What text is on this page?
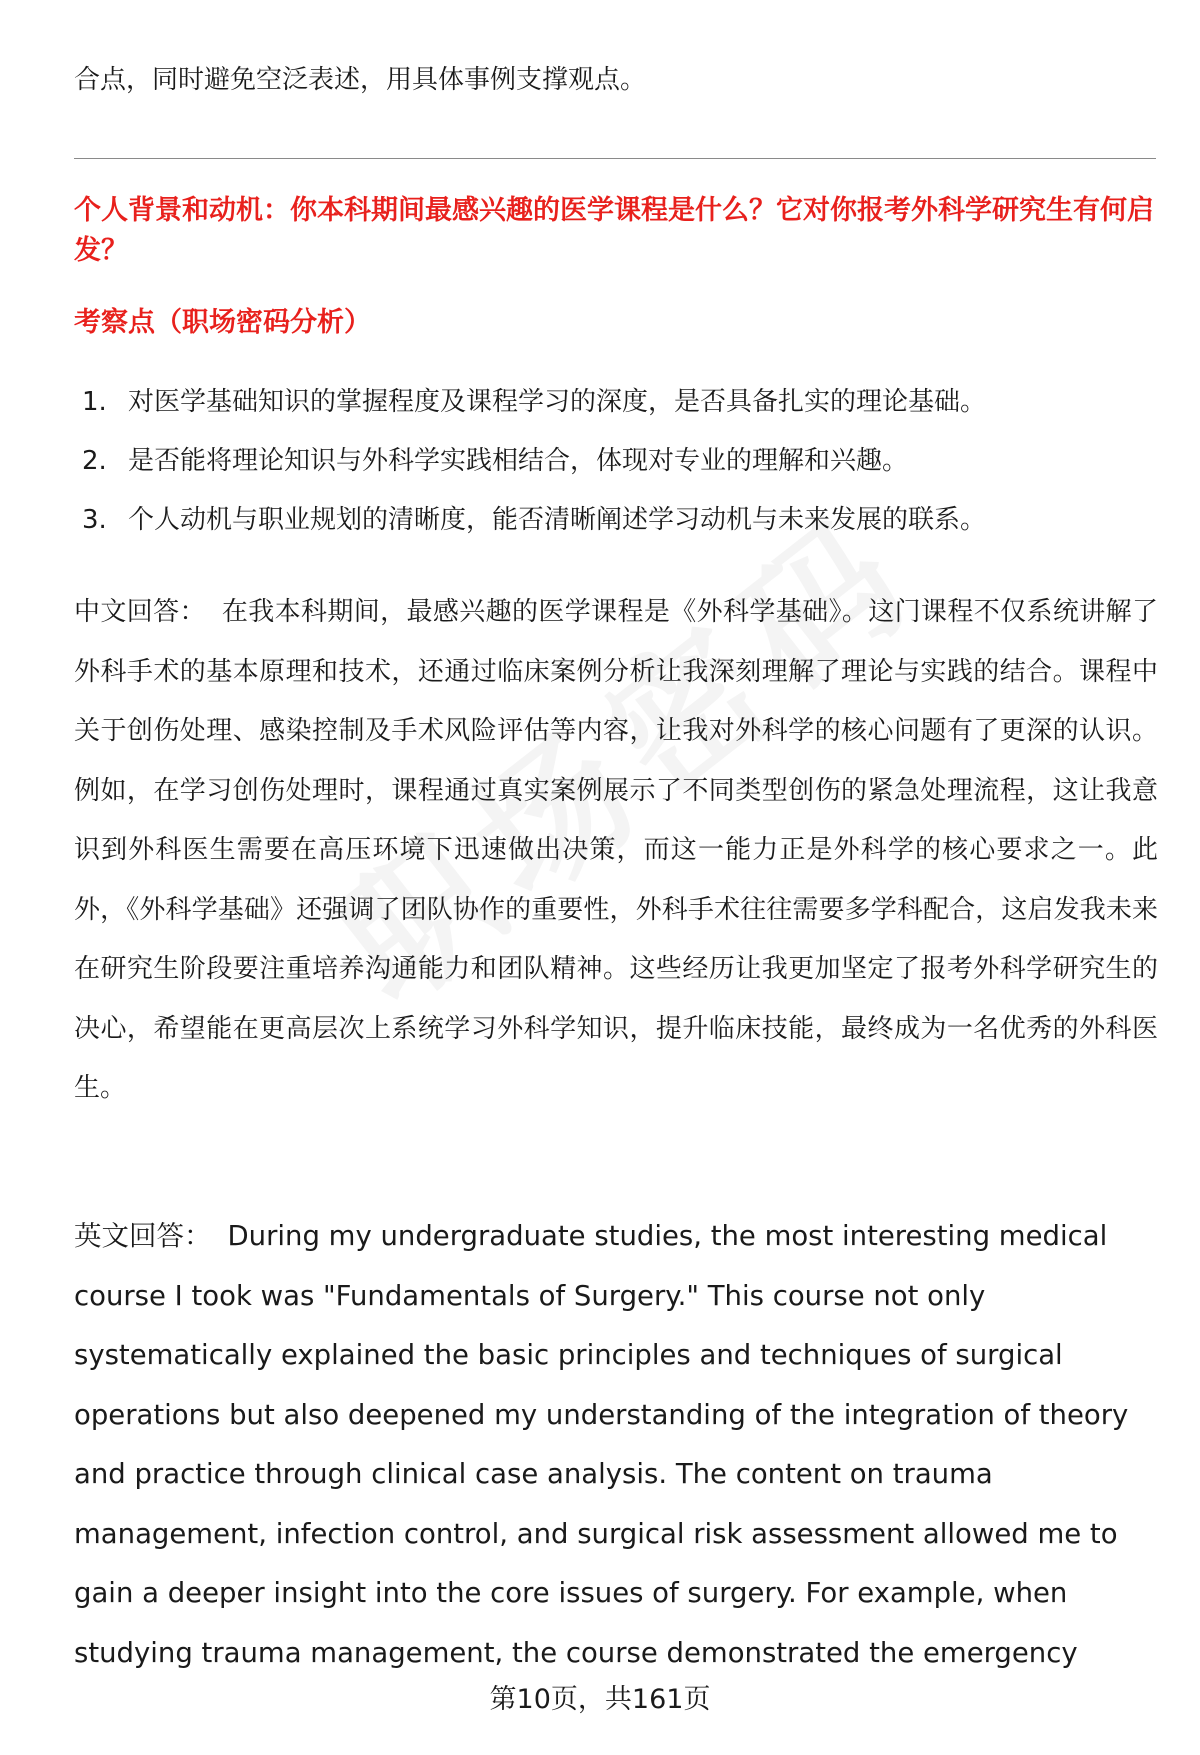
合点，同时避免空泛表述，用具体事例支撑观点。
个人背景和动机：你本科期间最感兴趣的医学课程是什么？它对你报考外科学研究生有何启发？
考察点（职场密码分析）
1. 对医学基础知识的掌握程度及课程学习的深度，是否具备扎实的理论基础。
2. 是否能将理论知识与外科学实践相结合，体现对专业的理解和兴趣。
3. 个人动机与职业规划的清晰度，能否清晰阐述学习动机与未来发展的联系。

中文回答： 在我本科期间，最感兴趣的医学课程是《外科学基础》。这门课程不仅系统讲解了外科手术的基本原理和技术，还通过临床案例分析让我深刻理解了理论与实践的结合。课程中关于创伤处理、感染控制及手术风险评估等内容，让我对外科学的核心问题有了更深的认识。例如，在学习创伤处理时，课程通过真实案例展示了不同类型创伤的紧急处理流程，这让我意识到外科医生需要在高压环境下迅速做出决策，而这一能力正是外科学的核心要求之一。此外，《外科学基础》还强调了团队协作的重要性，外科手术往往需要多学科配合，这启发我未来在研究生阶段要注重培养沟通能力和团队精神。这些经历让我更加坚定了报考外科学研究生的决心，希望能在更高层次上系统学习外科学知识，提升临床技能，最终成为一名优秀的外科医生。

英文回答： During my undergraduate studies, the most interesting medical course I took was "Fundamentals of Surgery." This course not only systematically explained the basic principles and techniques of surgical operations but also deepened my understanding of the integration of theory and practice through clinical case analysis. The content on trauma management, infection control, and surgical risk assessment allowed me to gain a deeper insight into the core issues of surgery. For example, when studying trauma management, the course demonstrated the emergency

第10页，共161页
